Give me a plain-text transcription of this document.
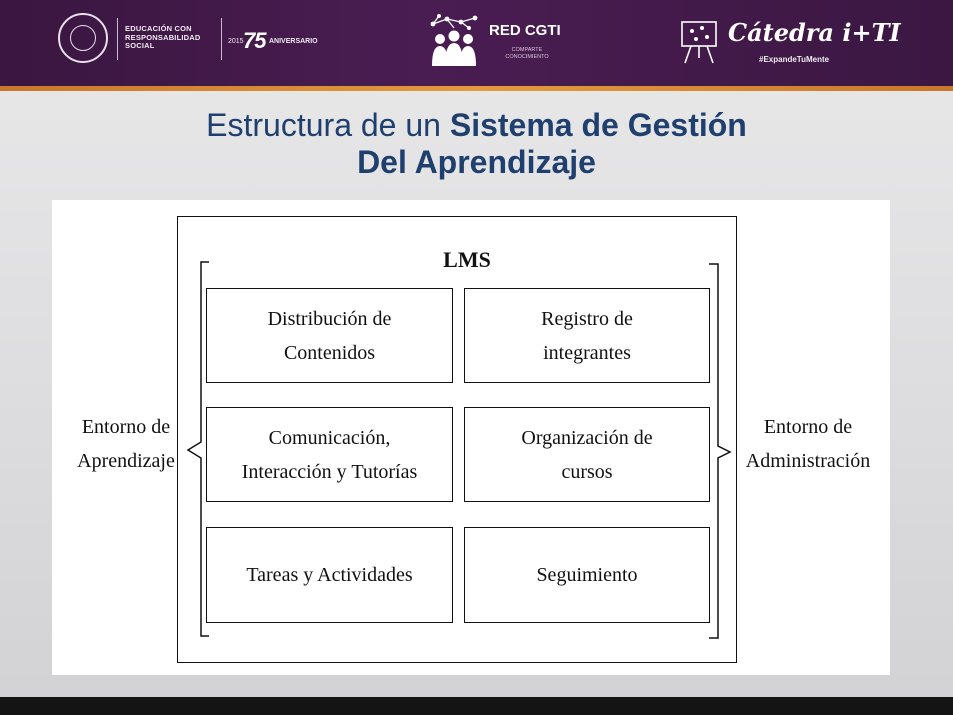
EDUCACIÓN CON
RESPONSABILIDAD
SOCIAL	2015 75 ANIVERSARIO
RED CGTI
COMPARTE
CONOCIMIENTO
Cátedra i+TI
#ExpandeTuMente
Estructura de un Sistema de Gestión
Del Aprendizaje
LMS
Distribución de
Contenidos
Registro de
integrantes
Comunicación,
Interacción y Tutorías
Organización de
cursos
Tareas y Actividades	Seguimiento
Entorno de
Aprendizaje
Entorno de
Administración
